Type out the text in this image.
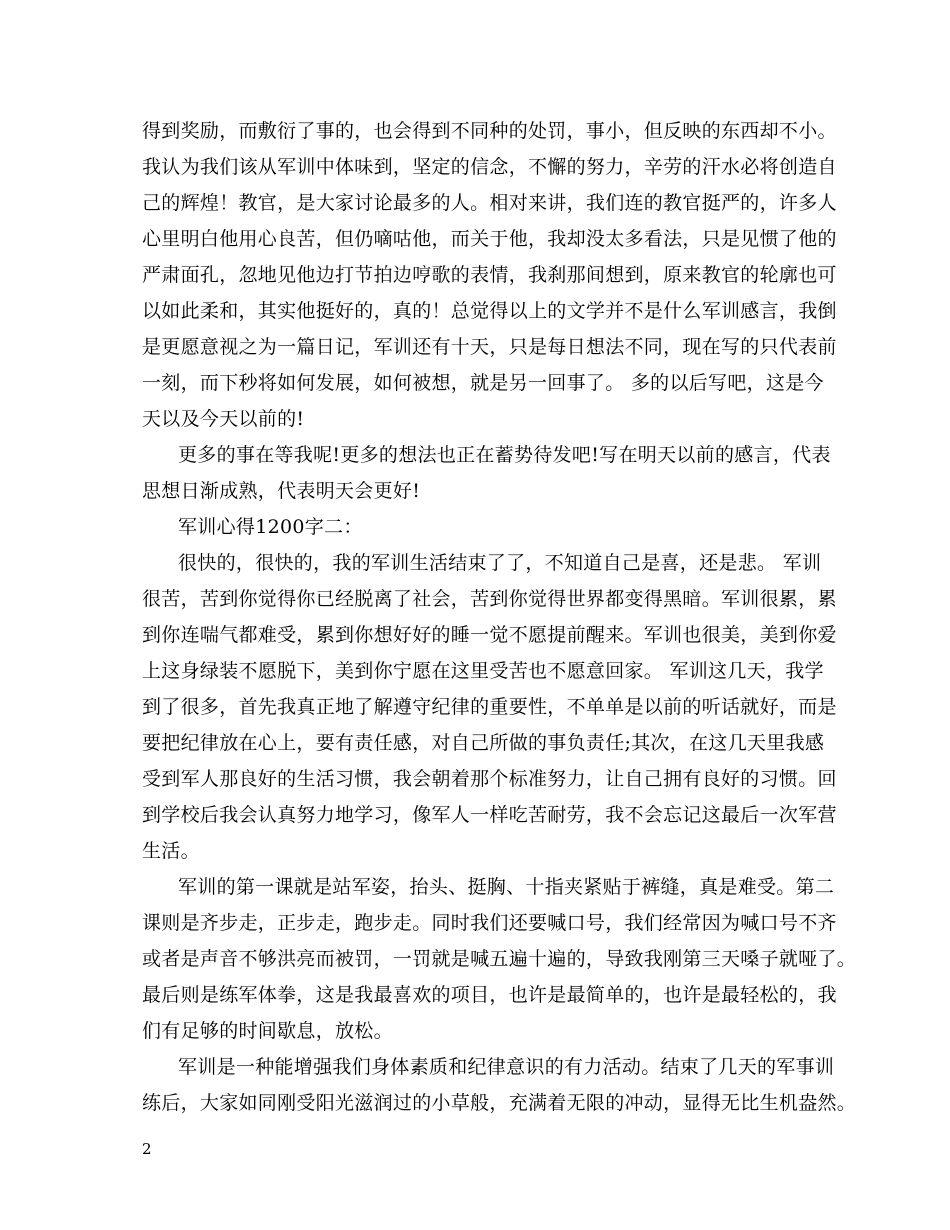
得到奖励，而敷衍了事的，也会得到不同种的处罚，事小，但反映的东西却不小。
我认为我们该从军训中体味到，坚定的信念，不懈的努力，辛劳的汗水必将创造自
己的辉煌！教官，是大家讨论最多的人。相对来讲，我们连的教官挺严的，许多人
心里明白他用心良苦，但仍嘀咕他，而关于他，我却没太多看法，只是见惯了他的
严肃面孔，忽地见他边打节拍边哼歌的表情，我刹那间想到，原来教官的轮廓也可
以如此柔和，其实他挺好的，真的！总觉得以上的文学并不是什么军训感言，我倒
是更愿意视之为一篇日记，军训还有十天，只是每日想法不同，现在写的只代表前
一刻，而下秒将如何发展，如何被想，就是另一回事了。 多的以后写吧，这是今
天以及今天以前的!
更多的事在等我呢!更多的想法也正在蓄势待发吧!写在明天以前的感言，代表
思想日渐成熟，代表明天会更好!
军训心得1200字二：
很快的，很快的，我的军训生活结束了了，不知道自己是喜，还是悲。 军训
很苦，苦到你觉得你已经脱离了社会，苦到你觉得世界都变得黑暗。军训很累，累
到你连喘气都难受，累到你想好好的睡一觉不愿提前醒来。军训也很美，美到你爱
上这身绿装不愿脱下，美到你宁愿在这里受苦也不愿意回家。 军训这几天，我学
到了很多，首先我真正地了解遵守纪律的重要性，不单单是以前的听话就好，而是
要把纪律放在心上，要有责任感，对自己所做的事负责任;其次，在这几天里我感
受到军人那良好的生活习惯，我会朝着那个标准努力，让自己拥有良好的习惯。回
到学校后我会认真努力地学习，像军人一样吃苦耐劳，我不会忘记这最后一次军营
生活。
军训的第一课就是站军姿，抬头、挺胸、十指夹紧贴于裤缝，真是难受。第二
课则是齐步走，正步走，跑步走。同时我们还要喊口号，我们经常因为喊口号不齐
或者是声音不够洪亮而被罚，一罚就是喊五遍十遍的，导致我刚第三天嗓子就哑了。
最后则是练军体拳，这是我最喜欢的项目，也许是最简单的，也许是最轻松的，我
们有足够的时间歇息，放松。
军训是一种能增强我们身体素质和纪律意识的有力活动。结束了几天的军事训
练后，大家如同刚受阳光滋润过的小草般，充满着无限的冲动，显得无比生机盎然。
2
